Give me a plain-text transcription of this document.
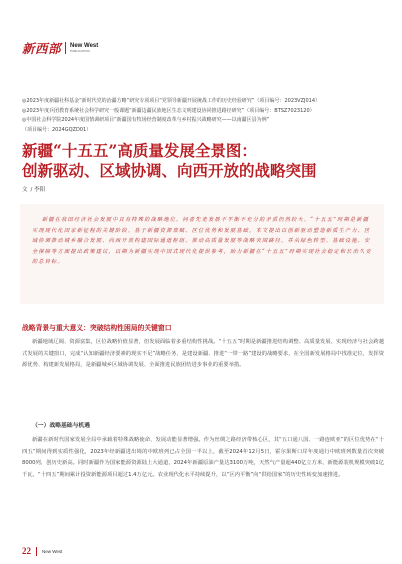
新西部 New West
PUBLICATION

◎2023年度新疆社科基金“新时代党的治疆方略”研究专项项目“党领导新疆开展统战工作的历史经验研究”（项目编号：2023VZJ014）

◎2023年度兵团教育系统社会科学研究一般课题“新疆边疆民族地区生态文明建设协同推进路径研究”（项目编号：BTSZ7023120）

◎中国社会科学院2024年度国情调研项目“新疆国有牧场经营制度改革与乡村振兴战略研究——以南疆区县为例”

（项目编号：2024GQZD01）

新疆“十五五”高质量发展全景图：
创新驱动、区域协调、向西开放的战略突围
文 / 李阳

新疆在我国经济社会发展中具有特殊的战略地位。问者先走发展不平衡不充分的矛盾仍然较大。“十五五”时期是新疆实现现代化国家新征程的关键阶段。基于新疆资源禀赋、区位优势和发展基础，本文提出以创新驱动塑造新质生产力、区域协调推动城乡融合发展、向西开放构建国际通道枢纽、推动高质量发展等战略突围路径，并从绿色转型、基础设施、安全保障等方面提出政策建议，以期为新疆实现中国式现代化提供参考，助力新疆在“十五五”时期实现社会稳定和长治久安的总目标。

战略背景与重大意义：突破结构性困局的关键窗口

新疆地域辽阔、资源富集，区位战略价值显著，但发展面临着多重结构性挑战。“十五五”时期是新疆推进结构调整、高质量发展、实现经济与社会跨越式发展的关键窗口，完成“认知新疆经济要素的现实不足”战略任务，是建设新疆、推进“一带一路”建设的战略要求，在全国新发展格局中找准定位，发挥资源优势、构建新发展格局，是新疆城乡区域协调发展、全面推进民族团结进步事业的重要举措。

（一）战略基础与机遇

新疆在新时代国家发展全局中承载着特殊战略使命，发展动能显著增强。作为丝绸之路经济带核心区，其“五口通八国、一路连欧亚”的区位优势在“十四五”期间得到实质性强化，2023年经新疆进出境的中欧班列已占全国一半以上，截至2024年12月5日，霍尔果斯口岸年度通行中欧班列数量首次突破8000列，创历史新高。同时新疆作为国家能源资源陆上大通道，2024年新疆原油产量达3100万吨，天然气产量超440亿立方米，新能源装机规模突破1亿千瓦，“十四五”期间累计投资新能源项目超过1.4万亿元。农业现代化水平持续提升，以“区内平衡”向“供给国家”的历史性转变加速推进。

22 New West
